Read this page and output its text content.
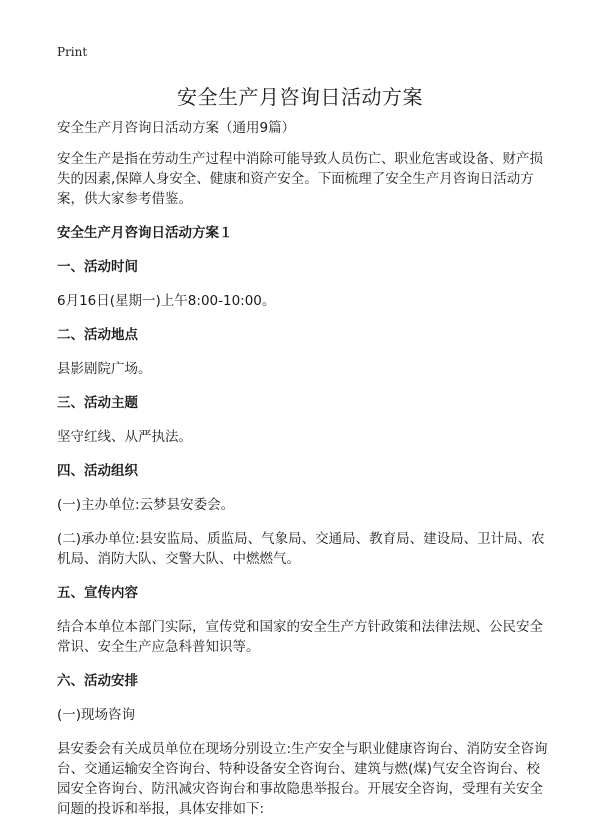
Print
安全生产月咨询日活动方案

安全生产月咨询日活动方案（通用9篇）

安全生产是指在劳动生产过程中消除可能导致人员伤亡、职业危害或设备、财产损失的因素,保障人身安全、健康和资产安全。下面梳理了安全生产月咨询日活动方案，供大家参考借鉴。

安全生产月咨询日活动方案１

一、活动时间

6月16日(星期一)上午8:00-10:00。

二、活动地点

县影剧院广场。

三、活动主题

坚守红线、从严执法。

四、活动组织

(一)主办单位:云梦县安委会。

(二)承办单位:县安监局、质监局、气象局、交通局、教育局、建设局、卫计局、农机局、消防大队、交警大队、中燃燃气。

五、宣传内容

结合本单位本部门实际，宣传党和国家的安全生产方针政策和法律法规、公民安全常识、安全生产应急科普知识等。

六、活动安排

(一)现场咨询

县安委会有关成员单位在现场分别设立:生产安全与职业健康咨询台、消防安全咨询台、交通运输安全咨询台、特种设备安全咨询台、建筑与燃(煤)气安全咨询台、校园安全咨询台、防汛减灾咨询台和事故隐患举报台。开展安全咨询，受理有关安全问题的投诉和举报，具体安排如下:
